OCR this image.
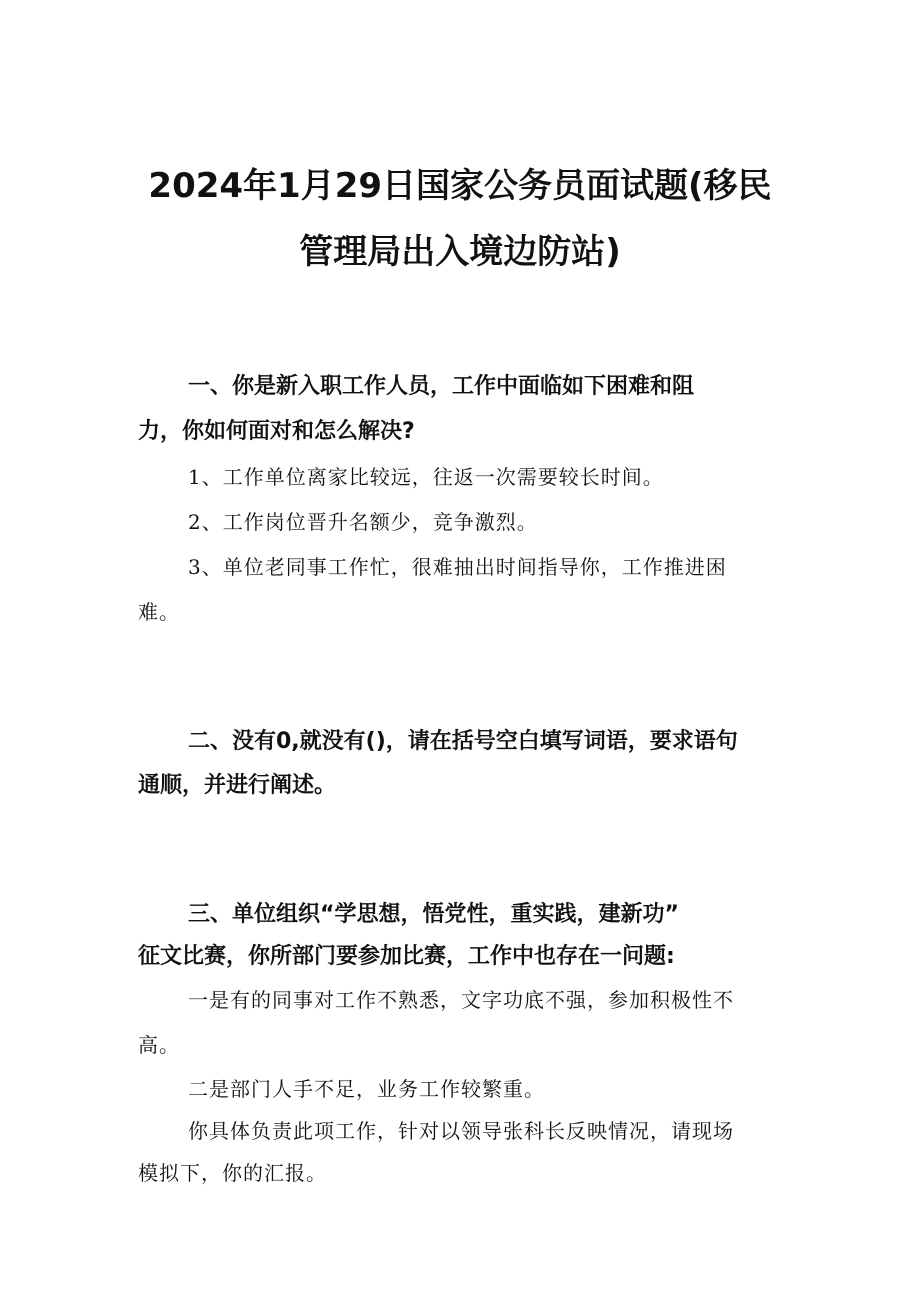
2024年1月29日国家公务员面试题(移民
管理局出入境边防站)

一、你是新入职工作人员，工作中面临如下困难和阻

力，你如何面对和怎么解决?

1、工作单位离家比较远，往返一次需要较长时间。

2、工作岗位晋升名额少，竞争激烈。

3、单位老同事工作忙，很难抽出时间指导你，工作推进困

难。

二、没有0,就没有()，请在括号空白填写词语，要求语句

通顺，并进行阐述。

三、单位组织“学思想，悟党性，重实践，建新功”

征文比赛，你所部门要参加比赛，工作中也存在一问题:

一是有的同事对工作不熟悉，文字功底不强，参加积极性不

高。

二是部门人手不足，业务工作较繁重。

你具体负责此项工作，针对以领导张科长反映情况，请现场

模拟下，你的汇报。
